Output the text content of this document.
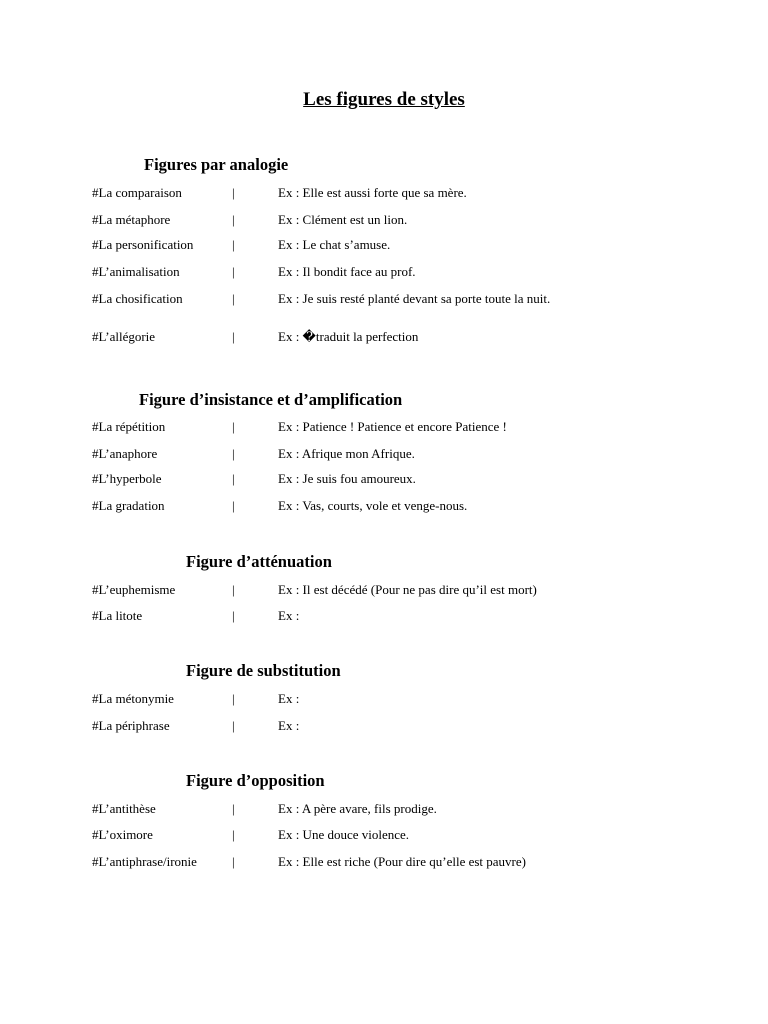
Les figures de styles
Figures par analogie
#La comparaison	|	Ex : Elle est aussi forte que sa mère.
#La métaphore	|	Ex : Clément est un lion.
#La personification	|	Ex : Le chat s’amuse.
#L’animalisation	|	Ex : Il bondit face au prof.
#La chosification	|	Ex : Je suis resté planté devant sa porte toute la nuit.
#L’allégorie	|	Ex : �traduit la perfection
Figure d’insistance et d’amplification
#La répétition	|	Ex : Patience ! Patience et encore Patience !
#L’anaphore	|	Ex : Afrique mon Afrique.
#L’hyperbole	|	Ex : Je suis fou amoureux.
#La gradation	|	Ex : Vas, courts, vole et venge-nous.
Figure d’atténuation
#L’euphemisme	|	Ex : Il est décédé (Pour ne pas dire qu’il est mort)
#La litote	|	Ex :
Figure de substitution
#La métonymie	|	Ex :
#La périphrase	|	Ex :
Figure d’opposition
#L’antithèse	|	Ex : A père avare, fils prodige.
#L’oximore	|	Ex : Une douce violence.
#L’antiphrase/ironie	|	Ex : Elle est riche (Pour dire qu’elle est pauvre)
